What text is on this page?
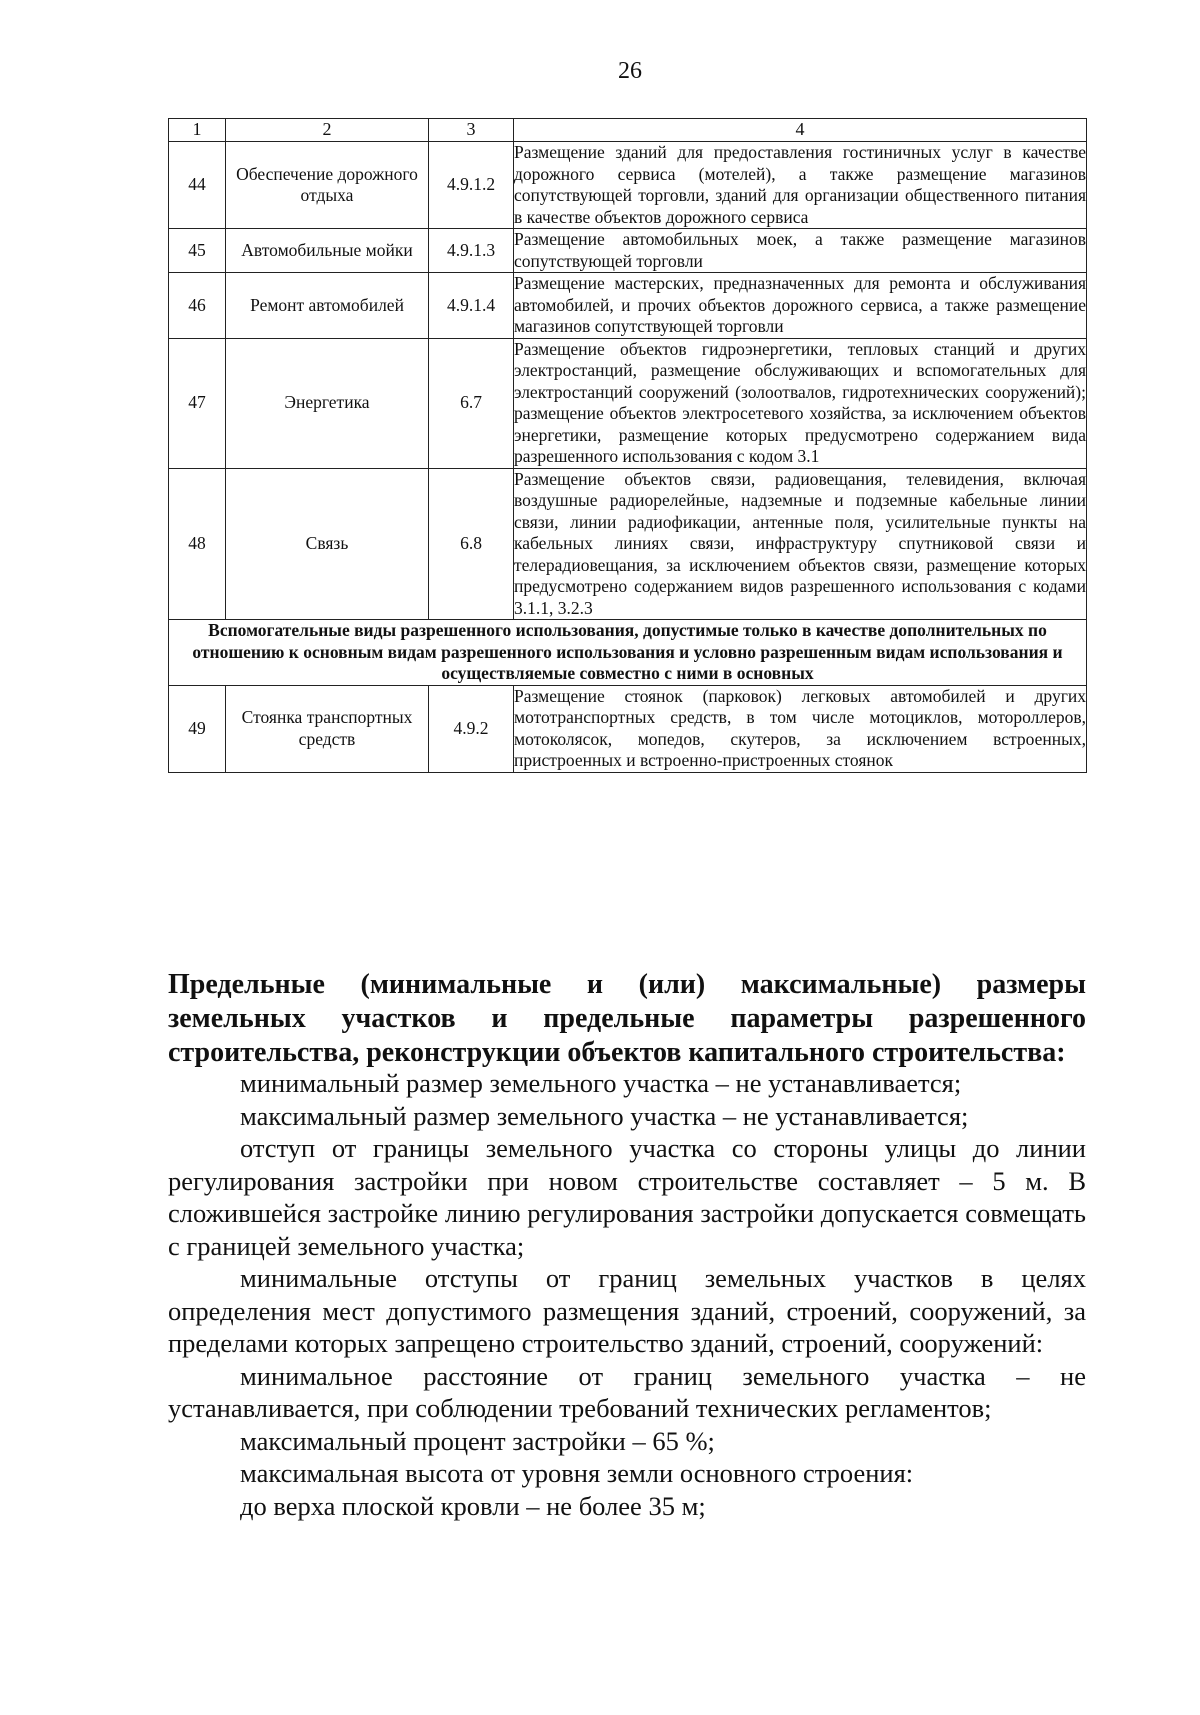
26
1	2	3	4
44	Обеспечение дорожного отдыха	4.9.1.2	Размещение зданий для предоставления гостиничных услуг в качестве дорожного сервиса (мотелей), а также размещение магазинов сопутствующей торговли, зданий для организации общественного питания в качестве объектов дорожного сервиса
45	Автомобильные мойки	4.9.1.3	Размещение автомобильных моек, а также размещение магазинов сопутствующей торговли
46	Ремонт автомобилей	4.9.1.4	Размещение мастерских, предназначенных для ремонта и обслуживания автомобилей, и прочих объектов дорожного сервиса, а также размещение магазинов сопутствующей торговли
47	Энергетика	6.7	Размещение объектов гидроэнергетики, тепловых станций и других электростанций, размещение обслуживающих и вспомогательных для электростанций сооружений (золоотвалов, гидротехнических сооружений); размещение объектов электросетевого хозяйства, за исключением объектов энергетики, размещение которых предусмотрено содержанием вида разрешенного использования с кодом 3.1
48	Связь	6.8	Размещение объектов связи, радиовещания, телевидения, включая воздушные радиорелейные, надземные и подземные кабельные линии связи, линии радиофикации, антенные поля, усилительные пункты на кабельных линиях связи, инфраструктуру спутниковой связи и телерадиовещания, за исключением объектов связи, размещение которых предусмотрено содержанием видов разрешенного использования с кодами 3.1.1, 3.2.3
Вспомогательные виды разрешенного использования, допустимые только в качестве дополнительных по отношению к основным видам разрешенного использования и условно разрешенным видам использования и осуществляемые совместно с ними в основных			
49	Стоянка транспортных средств	4.9.2	Размещение стоянок (парковок) легковых автомобилей и других мототранспортных средств, в том числе мотоциклов, мотороллеров, мотоколясок, мопедов, скутеров, за исключением встроенных, пристроенных и встроенно-пристроенных стоянок
Предельные (минимальные и (или) максимальные) размеры земельных участков и предельные параметры разрешенного строительства, реконструкции объектов капитального строительства:

минимальный размер земельного участка – не устанавливается;

максимальный размер земельного участка – не устанавливается;

отступ от границы земельного участка со стороны улицы до линии регулирования застройки при новом строительстве составляет – 5 м. В сложившейся застройке линию регулирования застройки допускается совмещать с границей земельного участка;

минимальные отступы от границ земельных участков в целях определения мест допустимого размещения зданий, строений, сооружений, за пределами которых запрещено строительство зданий, строений, сооружений:

минимальное расстояние от границ земельного участка – не устанавливается, при соблюдении требований технических регламентов;

максимальный процент застройки – 65 %;

максимальная высота от уровня земли основного строения:

до верха плоской кровли – не более 35 м;
